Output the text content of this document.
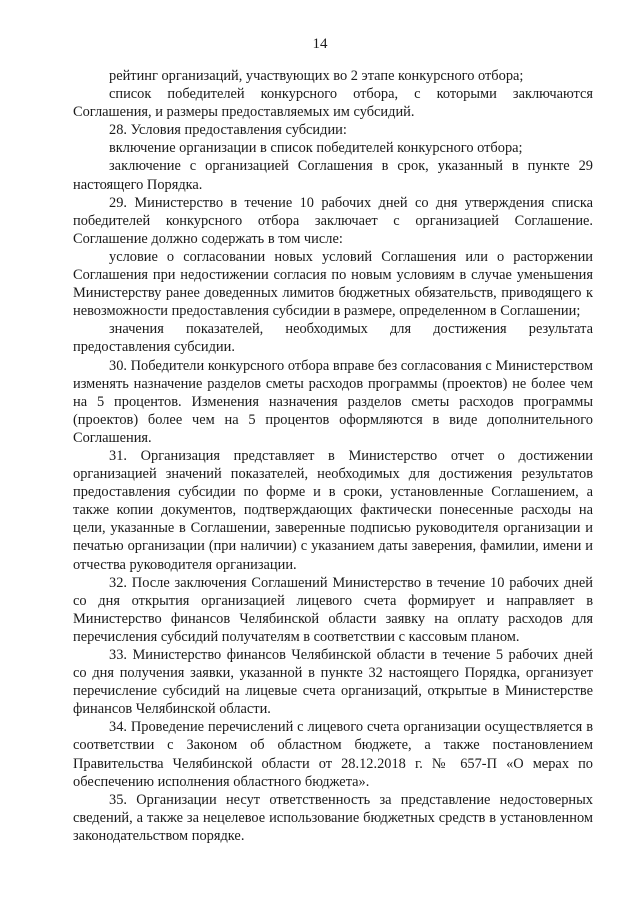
14

рейтинг организаций, участвующих во 2 этапе конкурсного отбора;

список победителей конкурсного отбора, с которыми заключаются Соглашения, и размеры предоставляемых им субсидий.

28. Условия предоставления субсидии:

включение организации в список победителей конкурсного отбора;

заключение с организацией Соглашения в срок, указанный в пункте 29 настоящего Порядка.

29. Министерство в течение 10 рабочих дней со дня утверждения списка победителей конкурсного отбора заключает с организацией Соглашение. Соглашение должно содержать в том числе:

условие о согласовании новых условий Соглашения или о расторжении Соглашения при недостижении согласия по новым условиям в случае уменьшения Министерству ранее доведенных лимитов бюджетных обязательств, приводящего к невозможности предоставления субсидии в размере, определенном в Соглашении;

значения показателей, необходимых для достижения результата предоставления субсидии.

30. Победители конкурсного отбора вправе без согласования с Министерством изменять назначение разделов сметы расходов программы (проектов) не более чем на 5 процентов. Изменения назначения разделов сметы расходов программы (проектов) более чем на 5 процентов оформляются в виде дополнительного Соглашения.

31. Организация представляет в Министерство отчет о достижении организацией значений показателей, необходимых для достижения результатов предоставления субсидии по форме и в сроки, установленные Соглашением, а также копии документов, подтверждающих фактически понесенные расходы на цели, указанные в Соглашении, заверенные подписью руководителя организации и печатью организации (при наличии) с указанием даты заверения, фамилии, имени и отчества руководителя организации.

32. После заключения Соглашений Министерство в течение 10 рабочих дней со дня открытия организацией лицевого счета формирует и направляет в Министерство финансов Челябинской области заявку на оплату расходов для перечисления субсидий получателям в соответствии с кассовым планом.

33. Министерство финансов Челябинской области в течение 5 рабочих дней со дня получения заявки, указанной в пункте 32 настоящего Порядка, организует перечисление субсидий на лицевые счета организаций, открытые в Министерстве финансов Челябинской области.

34. Проведение перечислений с лицевого счета организации осуществляется в соответствии с Законом об областном бюджете, а также постановлением Правительства Челябинской области от 28.12.2018 г. № 657-П «О мерах по обеспечению исполнения областного бюджета».

35. Организации несут ответственность за представление недостоверных сведений, а также за нецелевое использование бюджетных средств в установленном законодательством порядке.
